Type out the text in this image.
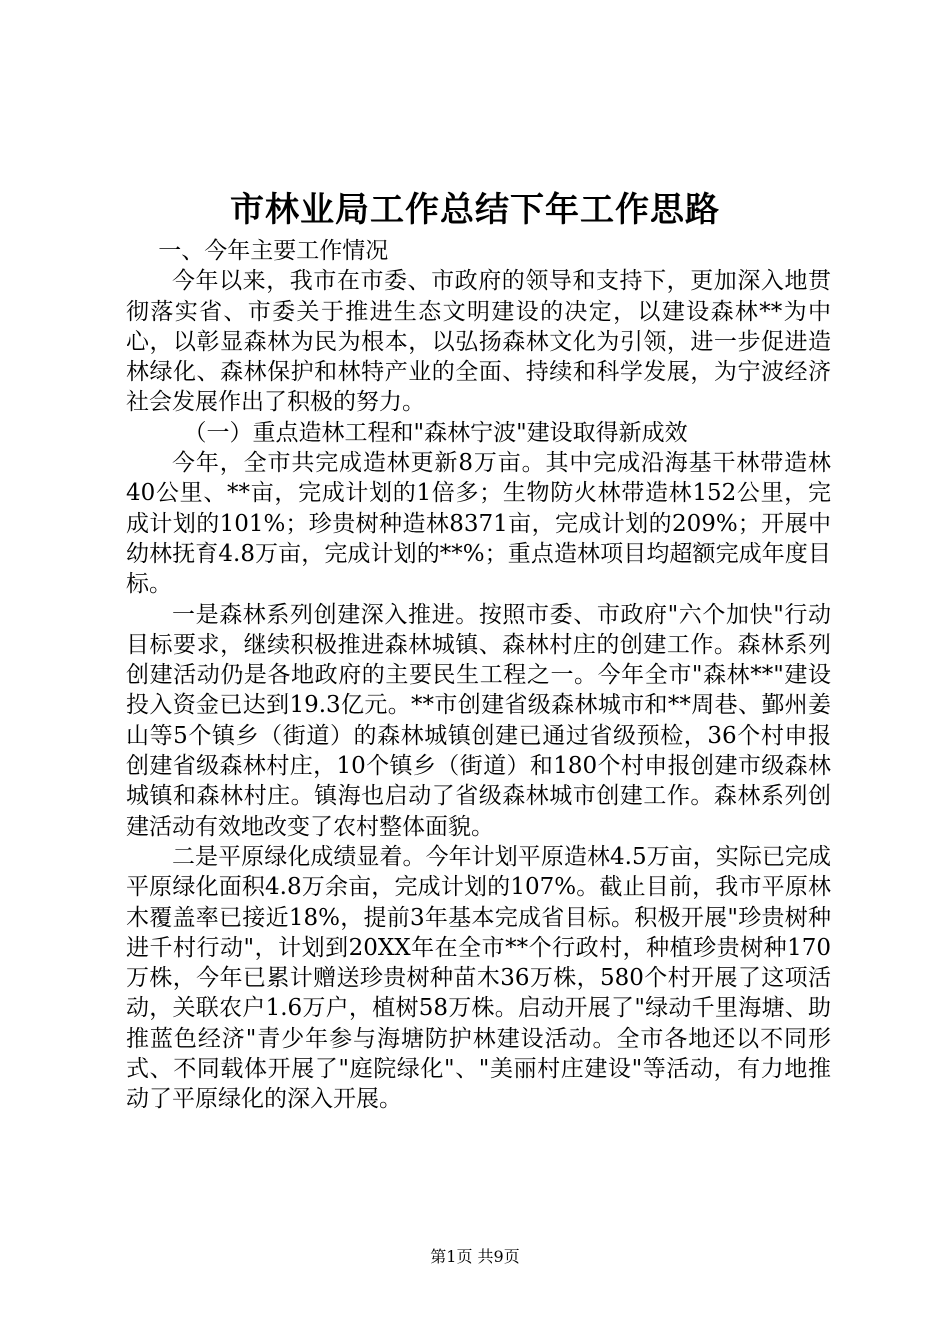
市林业局工作总结下年工作思路

一、今年主要工作情况

今年以来，我市在市委、市政府的领导和支持下，更加深入地贯彻落实省、市委关于推进生态文明建设的决定，以建设森林**为中心，以彰显森林为民为根本，以弘扬森林文化为引领，进一步促进造林绿化、森林保护和林特产业的全面、持续和科学发展，为宁波经济社会发展作出了积极的努力。

（一）重点造林工程和"森林宁波"建设取得新成效

今年，全市共完成造林更新8万亩。其中完成沿海基干林带造林40公里、**亩，完成计划的1倍多；生物防火林带造林152公里，完成计划的101%；珍贵树种造林8371亩，完成计划的209%；开展中幼林抚育4.8万亩，完成计划的**%；重点造林项目均超额完成年度目标。

一是森林系列创建深入推进。按照市委、市政府"六个加快"行动目标要求，继续积极推进森林城镇、森林村庄的创建工作。森林系列创建活动仍是各地政府的主要民生工程之一。今年全市"森林**"建设投入资金已达到19.3亿元。**市创建省级森林城市和**周巷、鄞州姜山等5个镇乡（街道）的森林城镇创建已通过省级预检，36个村申报创建省级森林村庄，10个镇乡（街道）和180个村申报创建市级森林城镇和森林村庄。镇海也启动了省级森林城市创建工作。森林系列创建活动有效地改变了农村整体面貌。

二是平原绿化成绩显着。今年计划平原造林4.5万亩，实际已完成平原绿化面积4.8万余亩，完成计划的107%。截止目前，我市平原林木覆盖率已接近18%，提前3年基本完成省目标。积极开展"珍贵树种进千村行动"，计划到20XX年在全市**个行政村，种植珍贵树种170万株，今年已累计赠送珍贵树种苗木36万株，580个村开展了这项活动，关联农户1.6万户，植树58万株。启动开展了"绿动千里海塘、助推蓝色经济"青少年参与海塘防护林建设活动。全市各地还以不同形式、不同载体开展了"庭院绿化"、"美丽村庄建设"等活动，有力地推动了平原绿化的深入开展。

第1页 共9页
